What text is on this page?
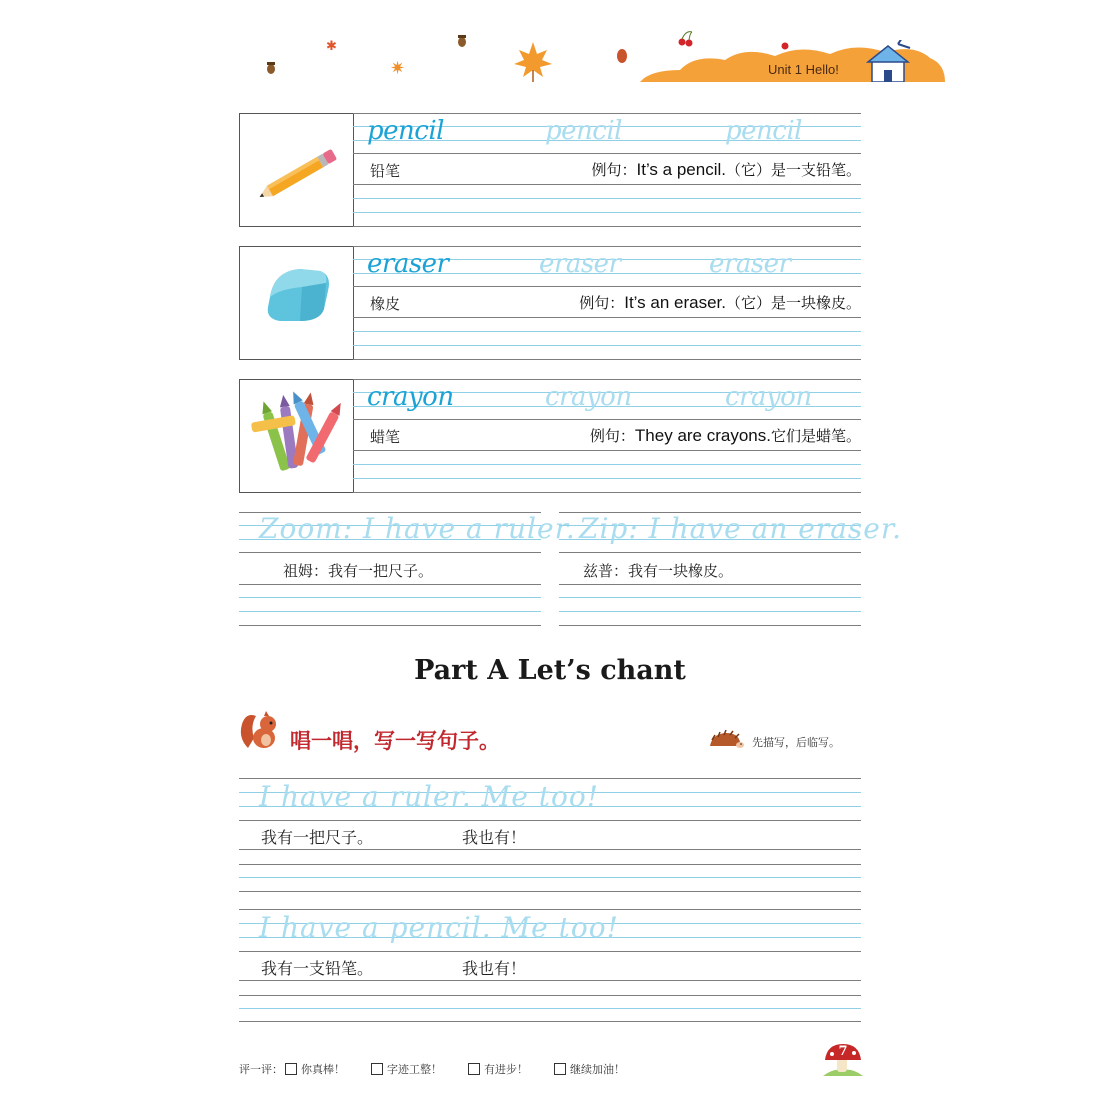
✱
✷	Unit 1 Hello!
pencil	pencil	pencil
铅笔	例句：It’s a pencil.（它）是一支铅笔。
eraser	eraser	eraser
橡皮	例句：It’s an eraser.（它）是一块橡皮。
crayon	crayon	crayon
蜡笔	例句：They are crayons.它们是蜡笔。
Zoom: I have a ruler.
祖姆：我有一把尺子。
Zip: I have an eraser.
兹普：我有一块橡皮。
Part A Let’s chant
唱一唱，写一写句子。	先描写，后临写。
I have a ruler. Me too!
我有一把尺子。	我也有！
I have a pencil. Me too!
我有一支铅笔。	我也有！
评一评： 你真棒！	字迹工整！	有进步！	继续加油！
7
